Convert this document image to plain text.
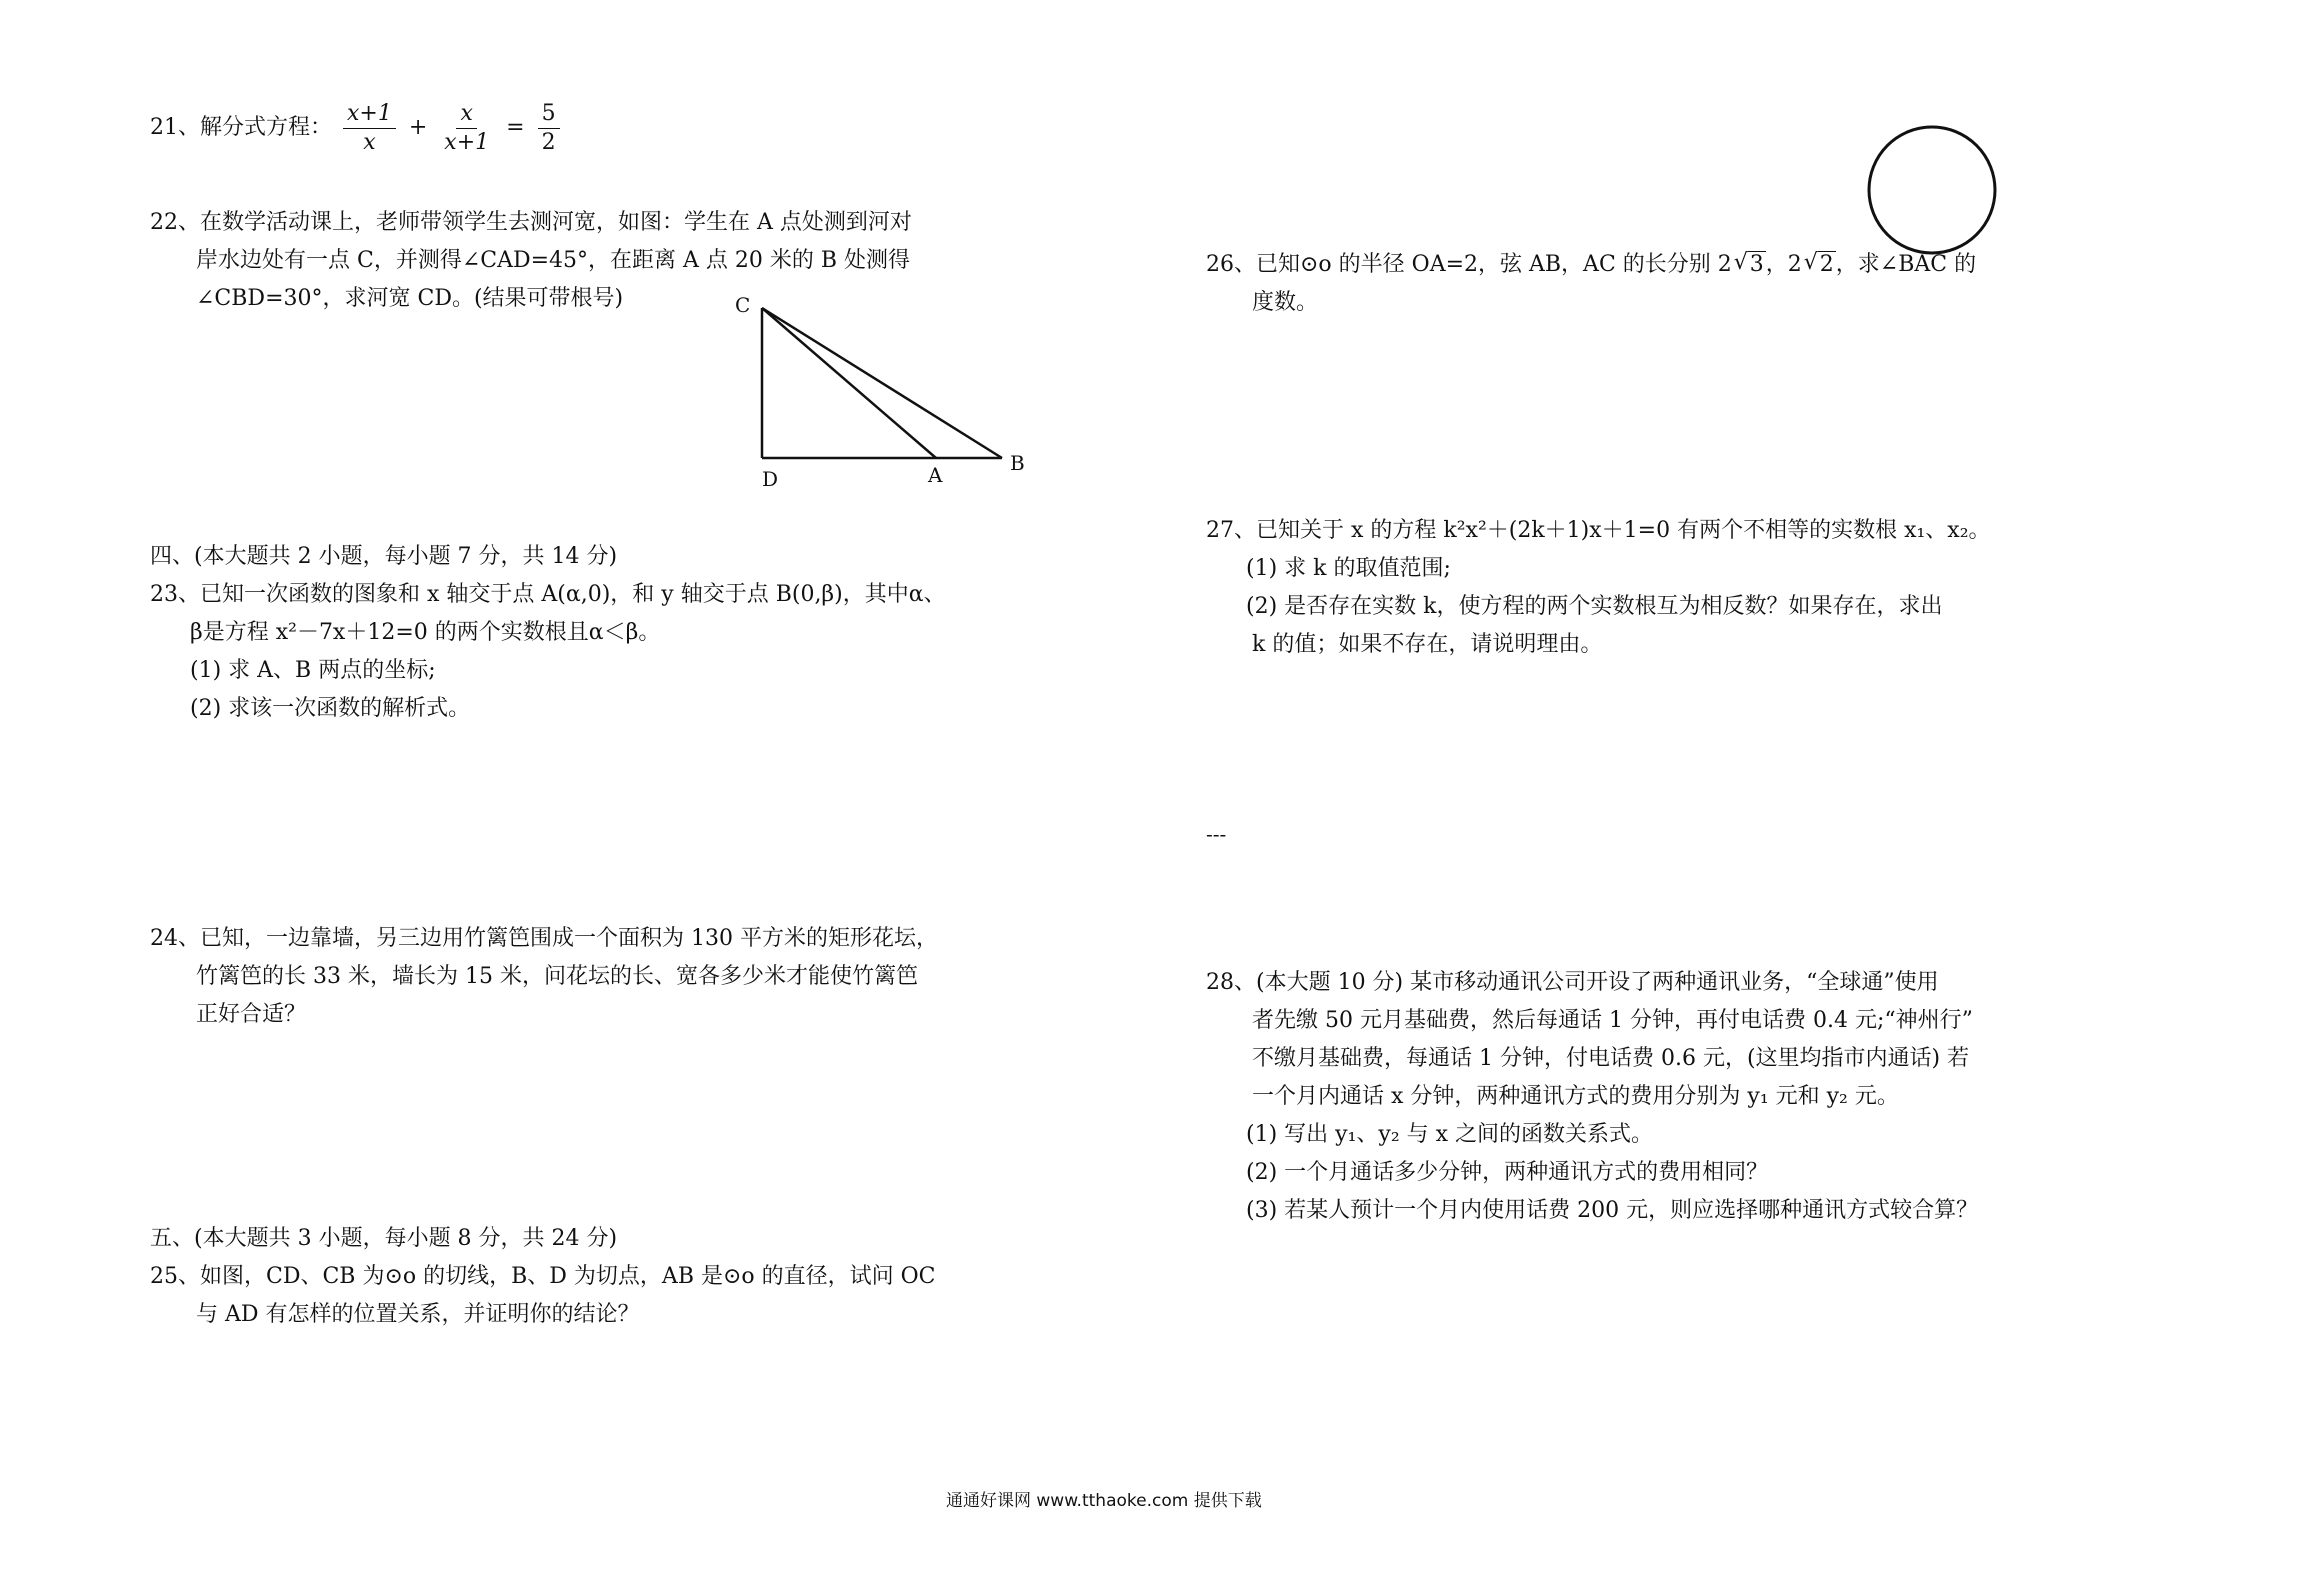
21、解分式方程： $\frac{x+1}{x} + \frac{x}{x+1} = \frac{5}{2}$
22、在数学活动课上，老师带领学生去测河宽，如图：学生在 A 点处测到河对
岸水边处有一点 C，并测得∠CAD=45°，在距离 A 点 20 米的 B 处测得
∠CBD=30°，求河宽 CD。(结果可带根号)	C
D	A	B
四、(本大题共 2 小题，每小题 7 分，共 14 分)
23、已知一次函数的图象和 x 轴交于点 A(α,0)，和 y 轴交于点 B(0,β)，其中α、
β是方程 x²－7x＋12=0 的两个实数根且α＜β。
(1) 求 A、B 两点的坐标;
(2) 求该一次函数的解析式。
24、已知，一边靠墙，另三边用竹篱笆围成一个面积为 130 平方米的矩形花坛，
竹篱笆的长 33 米，墙长为 15 米，问花坛的长、宽各多少米才能使竹篱笆
正好合适？
五、(本大题共 3 小题，每小题 8 分，共 24 分)
25、如图，CD、CB 为⊙o 的切线，B、D 为切点，AB 是⊙o 的直径，试问 OC
与 AD 有怎样的位置关系，并证明你的结论？
26、已知⊙o 的半径 OA=2，弦 AB，AC 的长分别 2 √ 3，2 √ 2，求∠BAC 的
度数。
27、已知关于 x 的方程 k²x²＋(2k＋1)x＋1=0 有两个不相等的实数根 x₁、x₂。
(1) 求 k 的取值范围;
(2) 是否存在实数 k，使方程的两个实数根互为相反数？如果存在，求出
k 的值；如果不存在，请说明理由。
---
28、(本大题 10 分) 某市移动通讯公司开设了两种通讯业务，“全球通”使用
者先缴 50 元月基础费，然后每通话 1 分钟，再付电话费 0.4 元;“神州行”
不缴月基础费，每通话 1 分钟，付电话费 0.6 元，(这里均指市内通话) 若
一个月内通话 x 分钟，两种通讯方式的费用分别为 y₁ 元和 y₂ 元。
(1) 写出 y₁、y₂ 与 x 之间的函数关系式。
(2) 一个月通话多少分钟，两种通讯方式的费用相同？
(3) 若某人预计一个月内使用话费 200 元，则应选择哪种通讯方式较合算？
通通好课网 www.tthaoke.com 提供下载
